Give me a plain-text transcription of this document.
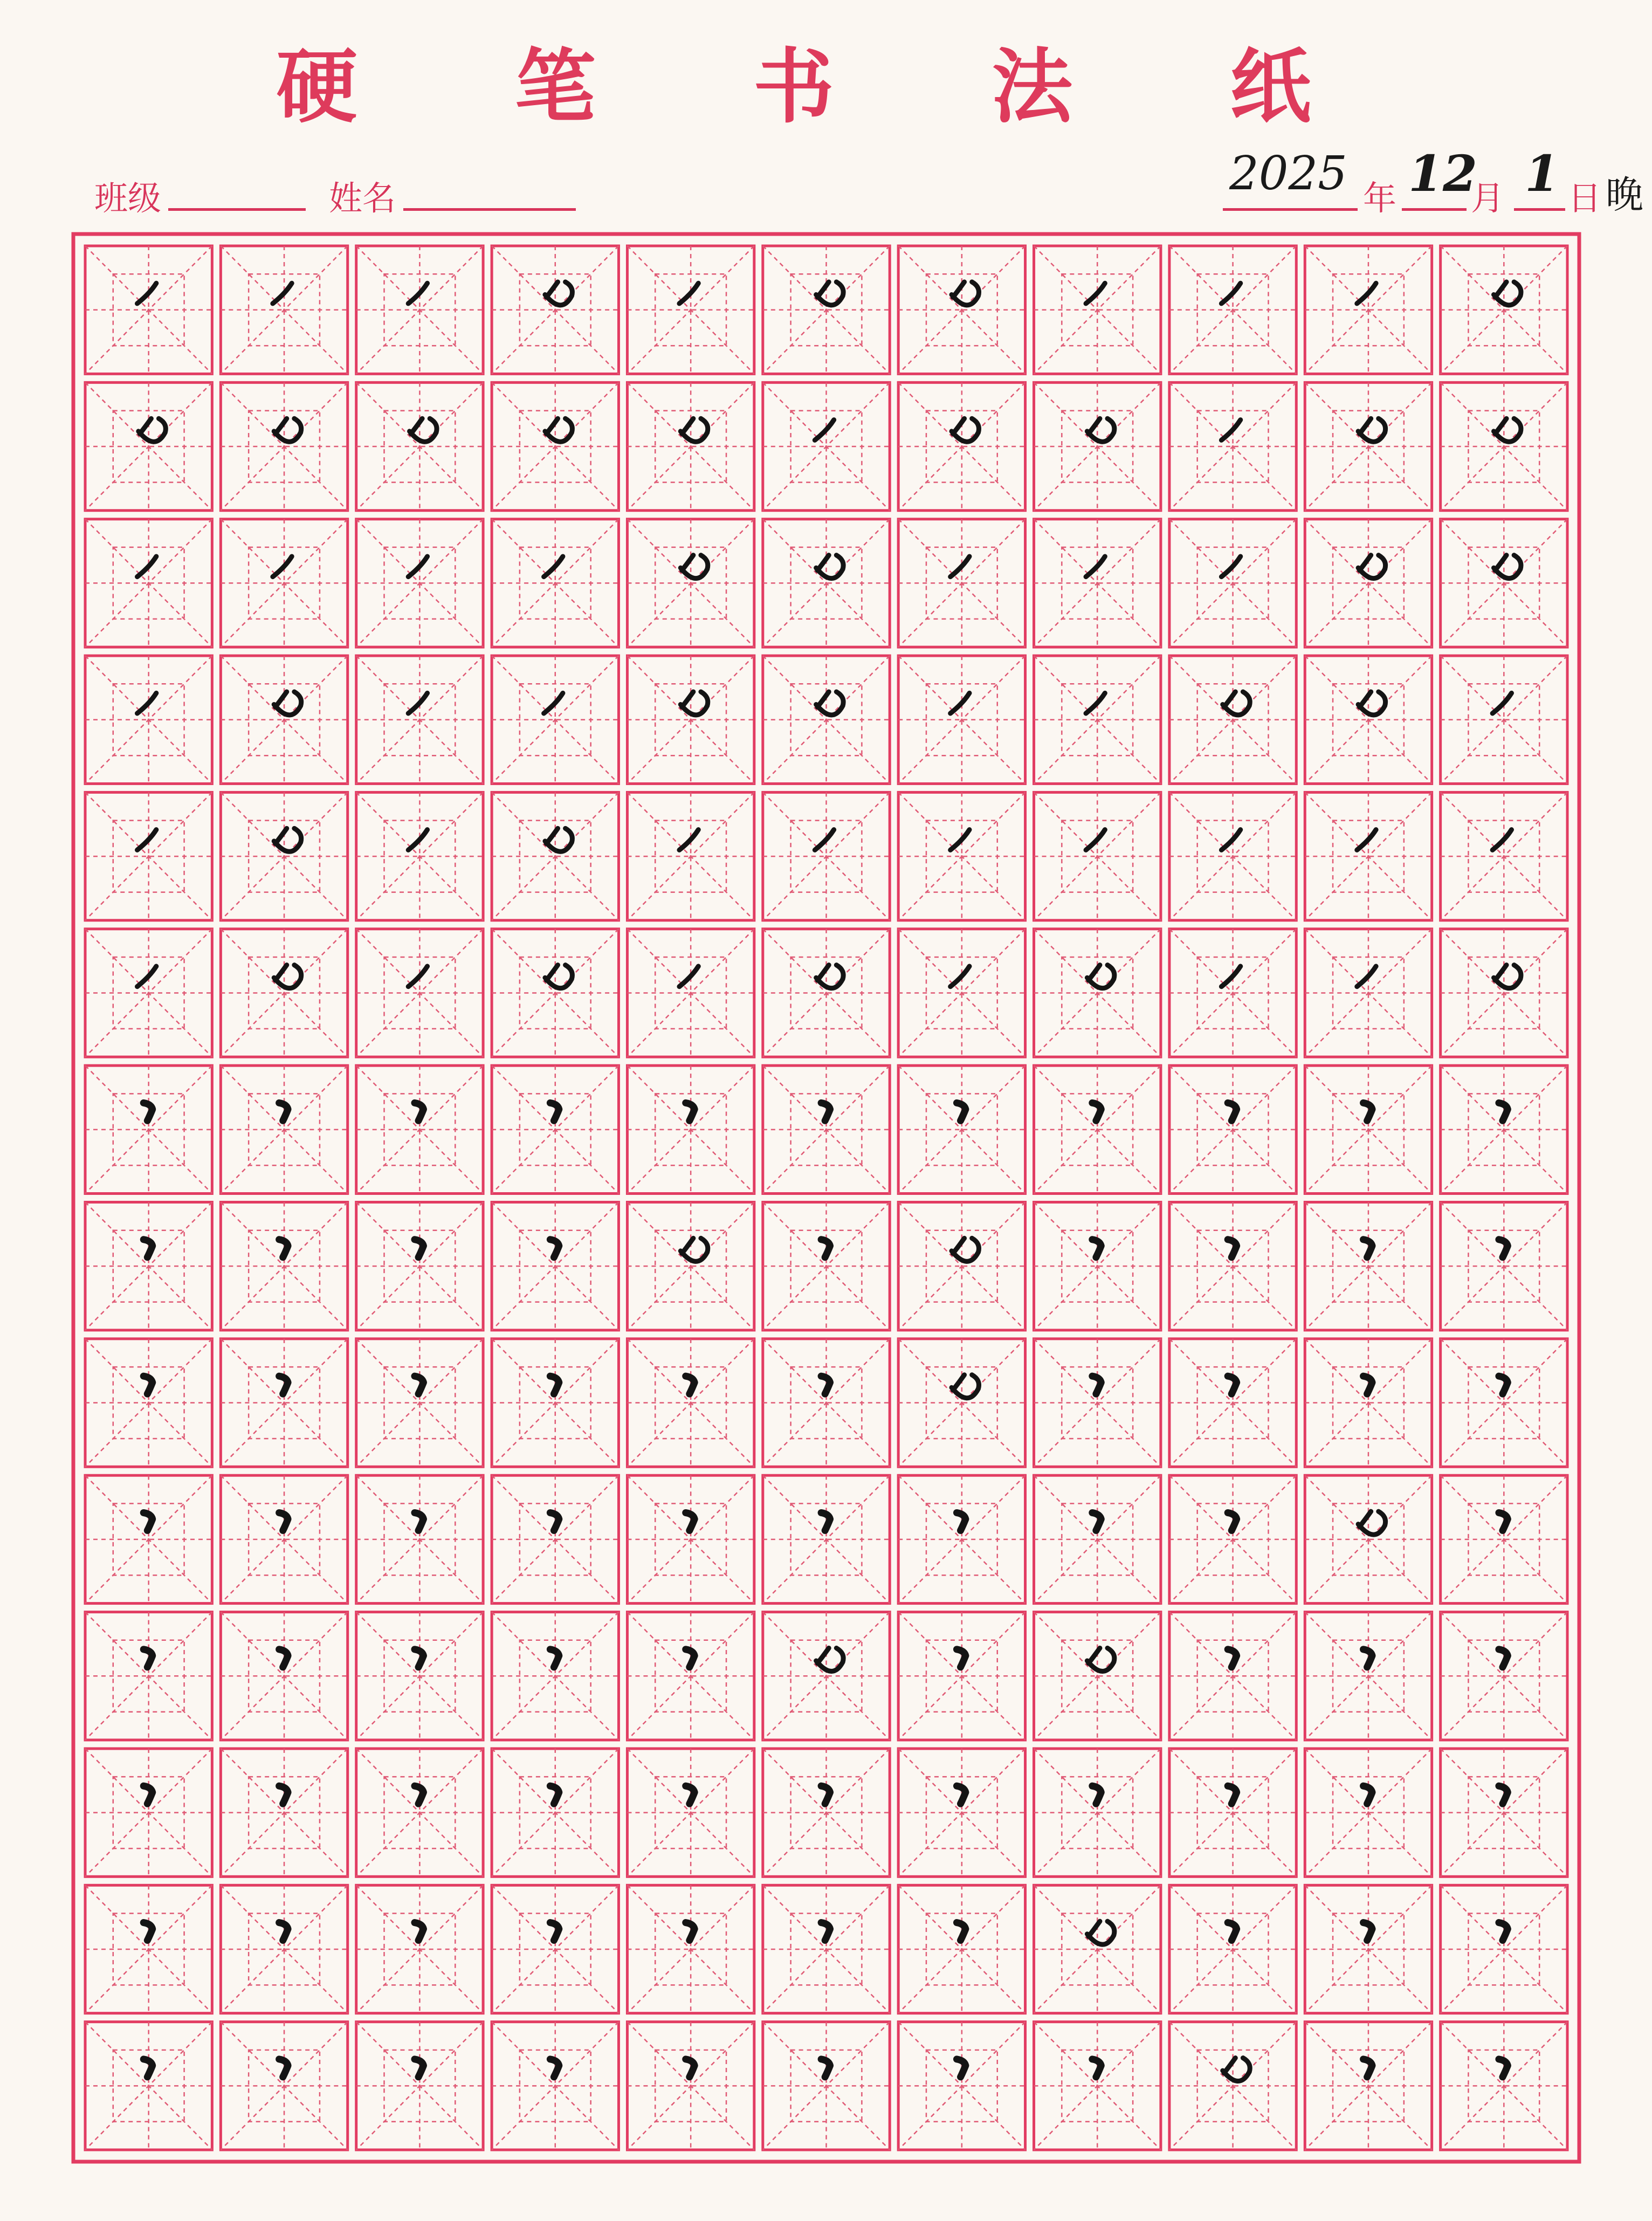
硬 笔 书 法 纸
班级	姓名	2025 年 12
月 1 日 晚
